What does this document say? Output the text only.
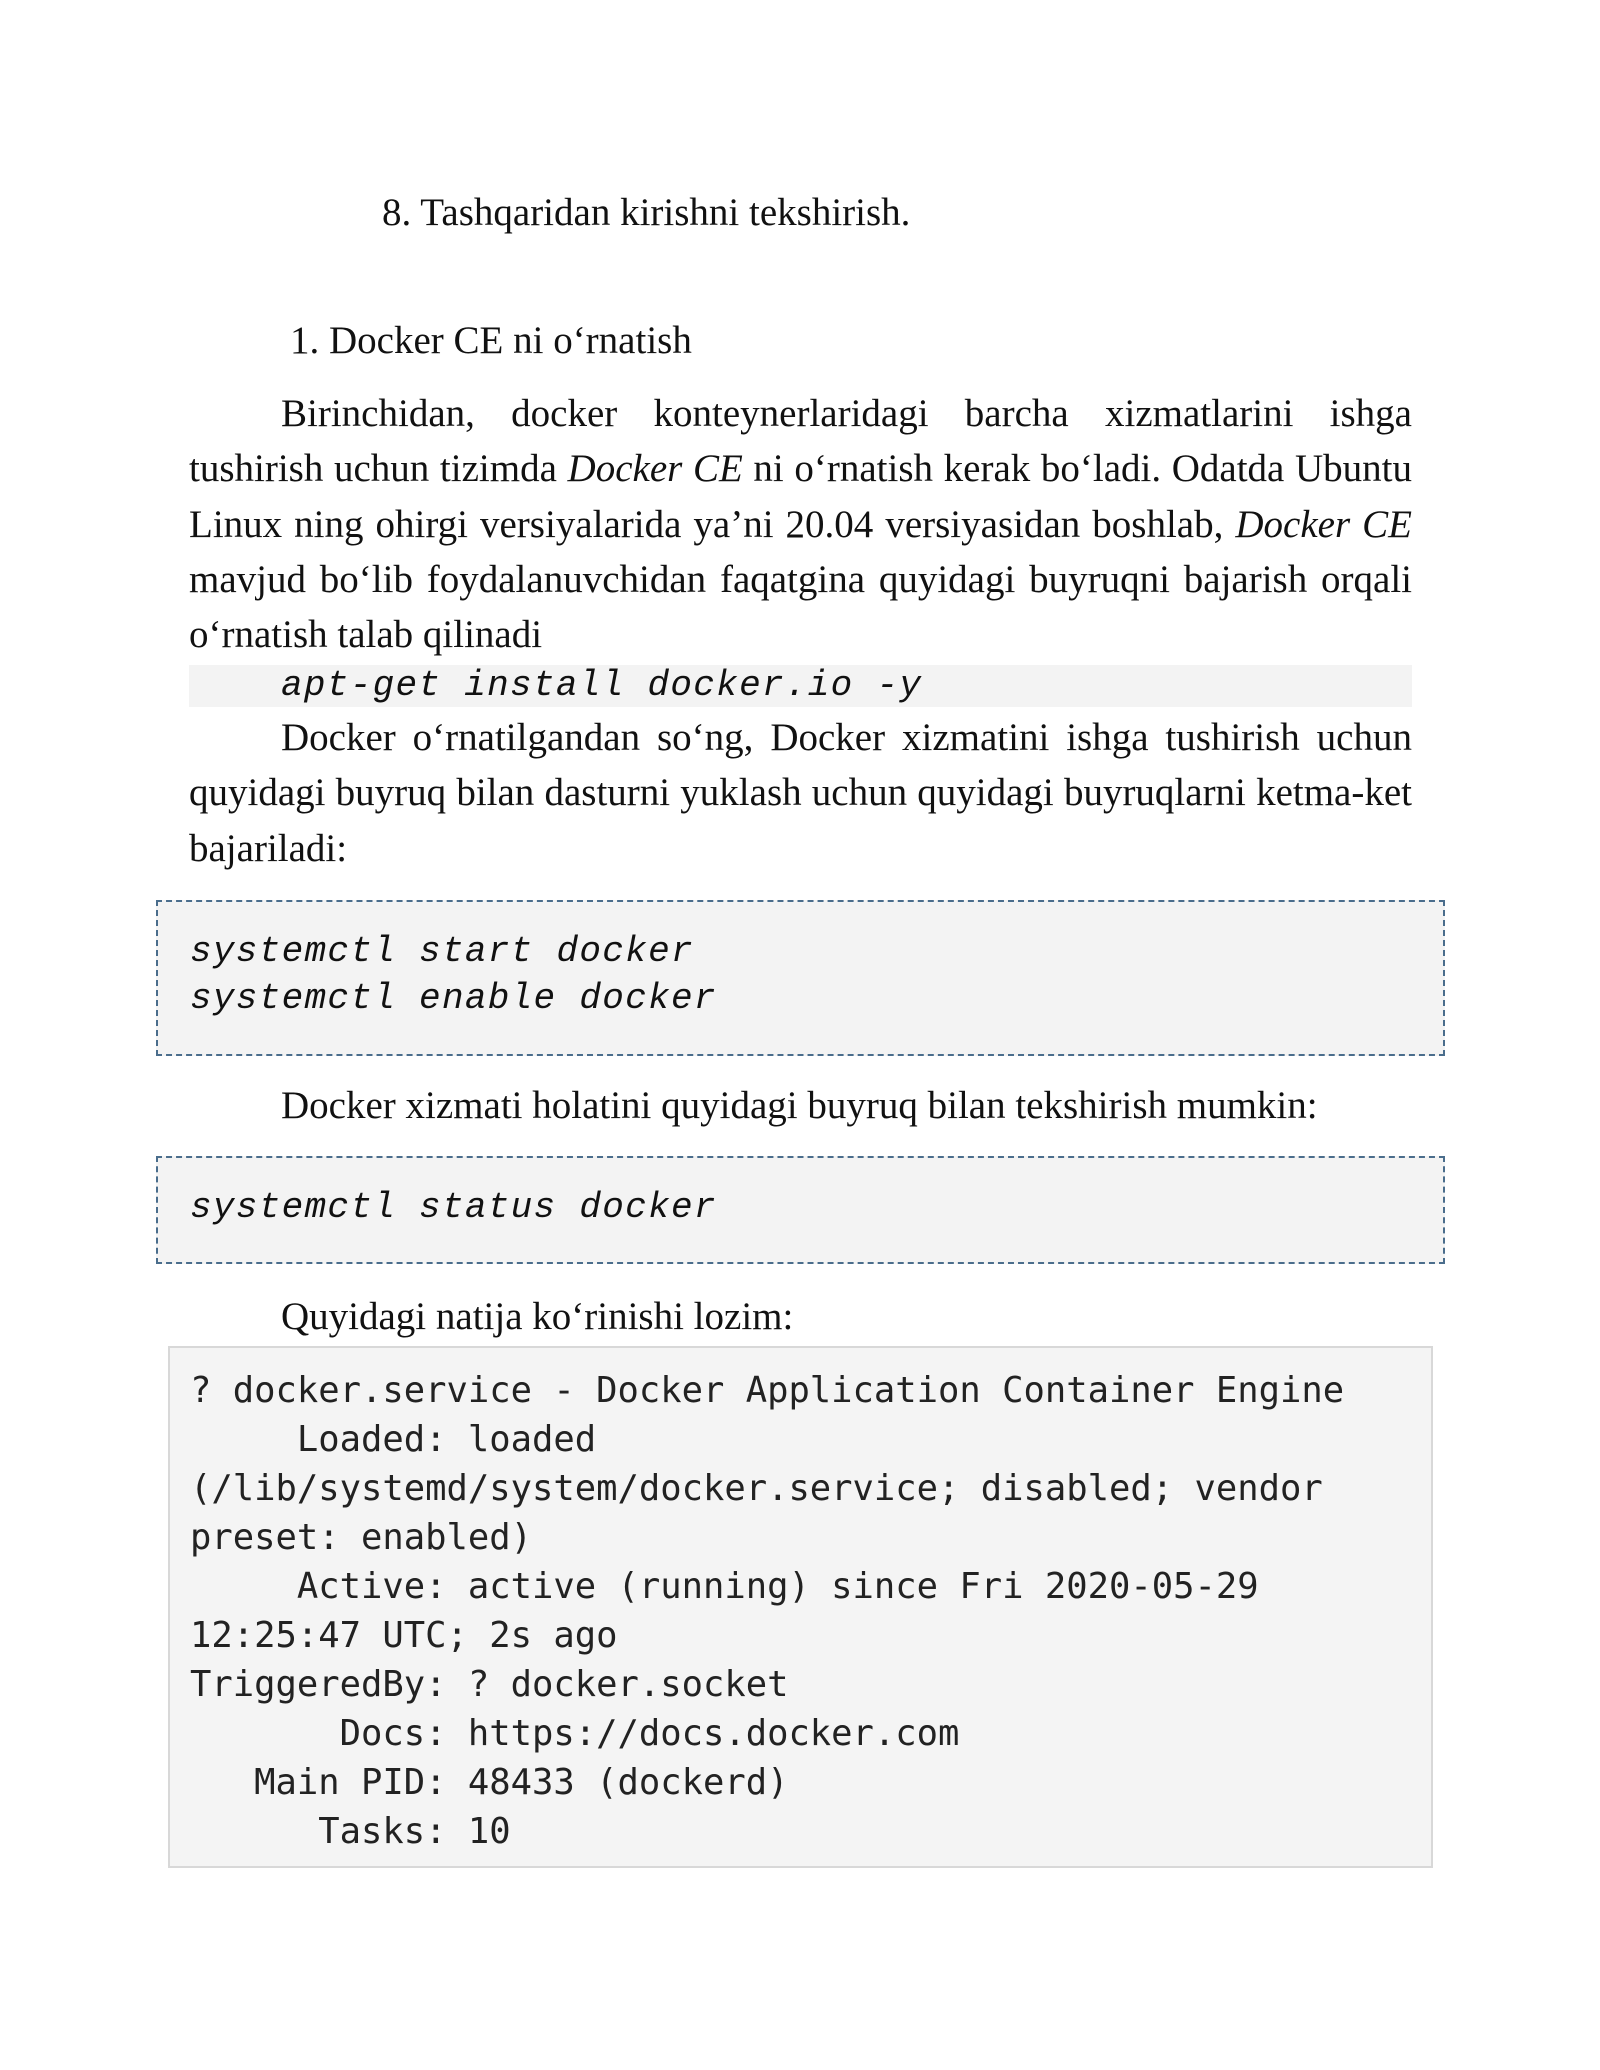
8. Tashqaridan kirishni tekshirish.
1. Docker CE ni oʻrnatish
Birinchidan, docker konteynerlaridagi barcha xizmatlarini ishga tushirish uchun tizimda Docker CE ni oʻrnatish kerak boʻladi. Odatda Ubuntu Linux ning ohirgi versiyalarida yaʼni 20.04 versiyasidan boshlab, Docker CE mavjud boʻlib foydalanuvchidan faqatgina quyidagi buyruqni bajarish orqali oʻrnatish talab qilinadi
apt-get install docker.io -y
Docker oʻrnatilgandan soʻng, Docker xizmatini ishga tushirish uchun quyidagi buyruq bilan dasturni yuklash uchun quyidagi buyruqlarni ketma-ket bajariladi:
systemctl start docker
systemctl enable docker
Docker xizmati holatini quyidagi buyruq bilan tekshirish mumkin:
systemctl status docker
Quyidagi natija koʻrinishi lozim:
? docker.service - Docker Application Container Engine
Loaded: loaded
(/lib/systemd/system/docker.service; disabled; vendor
preset: enabled)
Active: active (running) since Fri 2020-05-29
12:25:47 UTC; 2s ago
TriggeredBy: ? docker.socket
Docs: https://docs.docker.com
Main PID: 48433 (dockerd)
Tasks: 10
